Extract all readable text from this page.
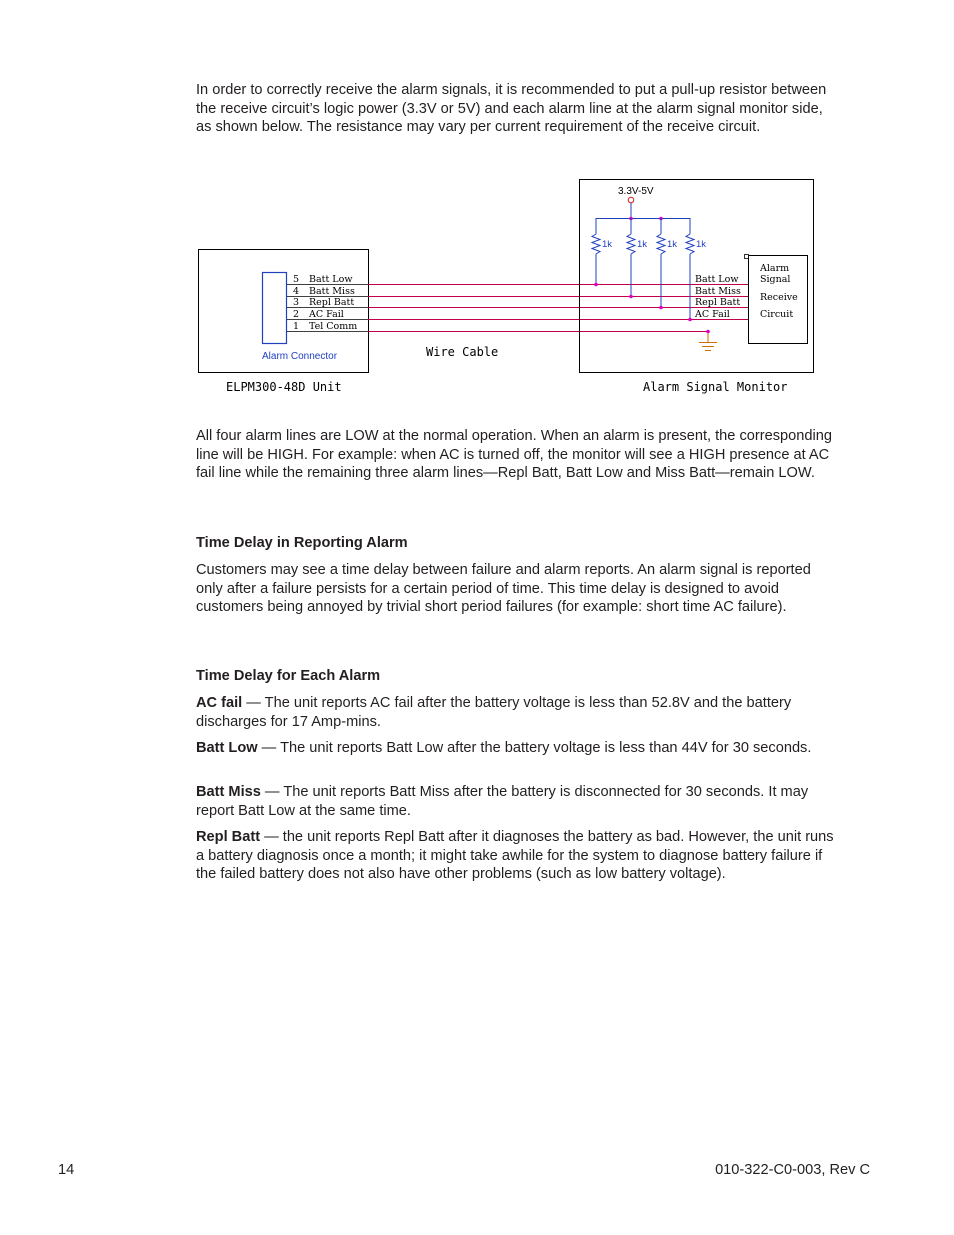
In order to correctly receive the alarm signals, it is recommended to put a pull-up resistor between the receive circuit’s logic power (3.3V or 5V) and each alarm line at the alarm signal monitor side, as shown below. The resistance may vary per current requirement of the receive circuit.

Alarm Connector
5 Batt Low
4 Batt Miss
3 Repl Batt
2 AC Fail
1 Tel Comm
Wire Cable
ELPM300-48D Unit	Alarm Signal Monitor
3.3V-5V
1k	1k 1k 1k
Batt Low
Batt Miss
Repl Batt
AC Fail
Alarm
Signal
Receive
Circuit

All four alarm lines are LOW at the normal operation. When an alarm is present, the corresponding line will be HIGH. For example: when AC is turned off, the monitor will see a HIGH presence at AC fail line while the remaining three alarm lines—Repl Batt, Batt Low and Miss Batt—remain LOW.

Time Delay in Reporting Alarm

Customers may see a time delay between failure and alarm reports. An alarm signal is reported only after a failure persists for a certain period of time. This time delay is designed to avoid customers being annoyed by trivial short period failures (for example: short time AC failure).

Time Delay for Each Alarm

AC fail — The unit reports AC fail after the battery voltage is less than 52.8V and the battery discharges for 17 Amp-mins.

Batt Low — The unit reports Batt Low after the battery voltage is less than 44V for 30 seconds.

Batt Miss — The unit reports Batt Miss after the battery is disconnected for 30 seconds. It may report Batt Low at the same time.

Repl Batt — the unit reports Repl Batt after it diagnoses the battery as bad. However, the unit runs a battery diagnosis once a month; it might take awhile for the system to diagnose battery failure if the failed battery does not also have other problems (such as low battery voltage).

14	010-322-C0-003, Rev C
